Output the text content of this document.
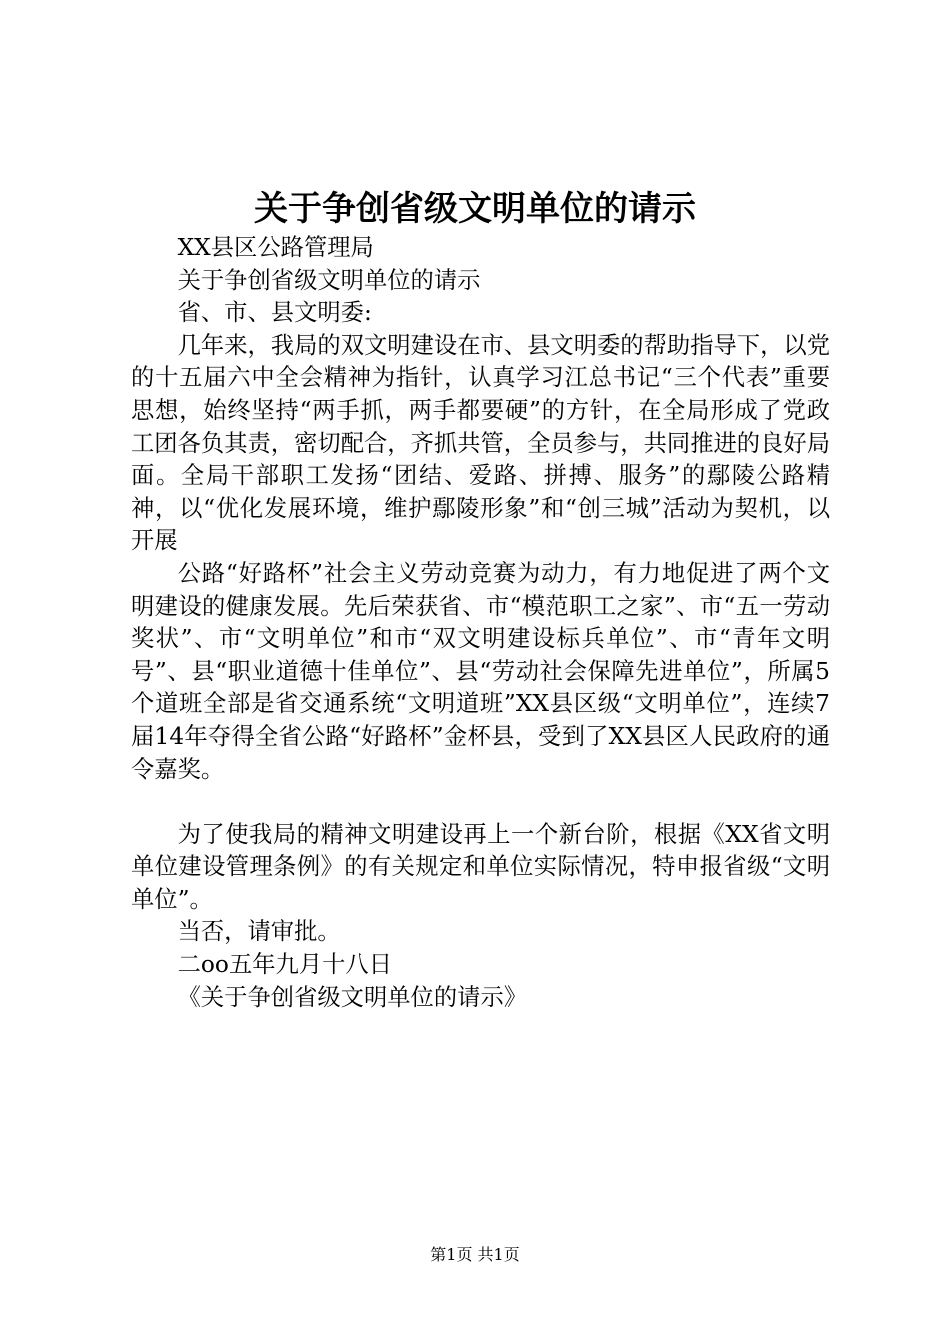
关于争创省级文明单位的请示

XX县区公路管理局

关于争创省级文明单位的请示

省、市、县文明委:

几年来，我局的双文明建设在市、县文明委的帮助指导下，以党的十五届六中全会精神为指针，认真学习江总书记“三个代表”重要思想，始终坚持“两手抓，两手都要硬”的方针，在全局形成了党政工团各负其责，密切配合，齐抓共管，全员参与，共同推进的良好局面。全局干部职工发扬“团结、爱路、拼搏、服务”的鄢陵公路精神，以“优化发展环境，维护鄢陵形象”和“创三城”活动为契机，以开展

公路“好路杯”社会主义劳动竞赛为动力，有力地促进了两个文明建设的健康发展。先后荣获省、市“模范职工之家”、市“五一劳动奖状”、市“文明单位”和市“双文明建设标兵单位”、市“青年文明号”、县“职业道德十佳单位”、县“劳动社会保障先进单位”，所属5个道班全部是省交通系统“文明道班”XX县区级“文明单位”，连续7届14年夺得全省公路“好路杯”金杯县，受到了XX县区人民政府的通令嘉奖。

为了使我局的精神文明建设再上一个新台阶，根据《XX省文明单位建设管理条例》的有关规定和单位实际情况，特申报省级“文明单位”。

当否，请审批。

二oo五年九月十八日

《关于争创省级文明单位的请示》

第1页 共1页
